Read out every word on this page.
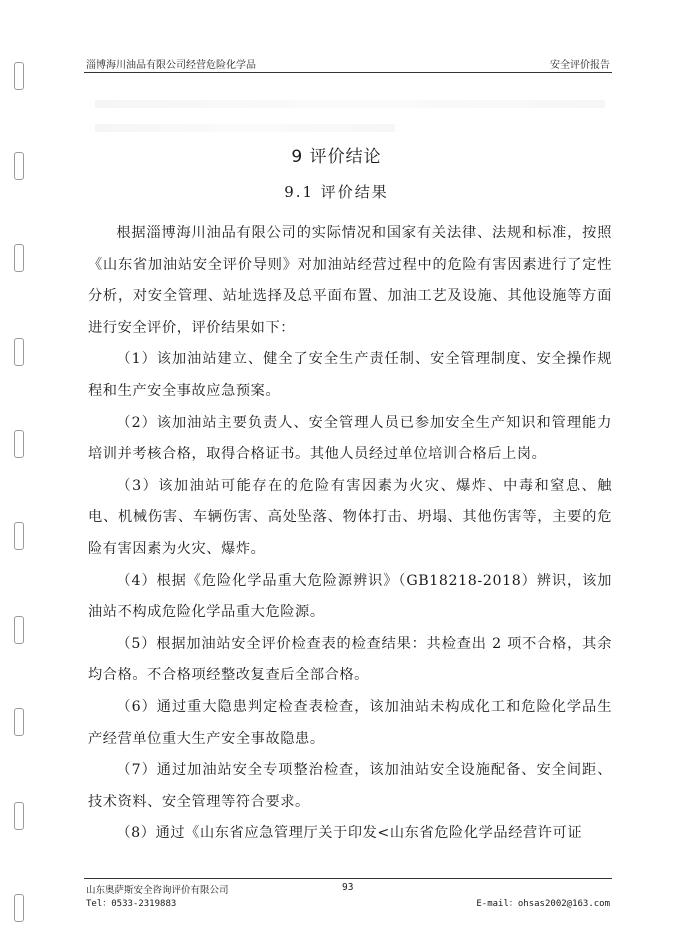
淄博海川油品有限公司经营危险化学品	安全评价报告
9 评价结论
9.1 评价结果

根据淄博海川油品有限公司的实际情况和国家有关法律、法规和标准，按照《山东省加油站安全评价导则》对加油站经营过程中的危险有害因素进行了定性分析，对安全管理、站址选择及总平面布置、加油工艺及设施、其他设施等方面进行安全评价，评价结果如下：

（1）该加油站建立、健全了安全生产责任制、安全管理制度、安全操作规程和生产安全事故应急预案。

（2）该加油站主要负责人、安全管理人员已参加安全生产知识和管理能力培训并考核合格，取得合格证书。其他人员经过单位培训合格后上岗。

（3）该加油站可能存在的危险有害因素为火灾、爆炸、中毒和窒息、触电、机械伤害、车辆伤害、高处坠落、物体打击、坍塌、其他伤害等，主要的危险有害因素为火灾、爆炸。

（4）根据《危险化学品重大危险源辨识》（GB18218-2018）辨识，该加油站不构成危险化学品重大危险源。

（5）根据加油站安全评价检查表的检查结果：共检查出 2 项不合格，其余均合格。不合格项经整改复查后全部合格。

（6）通过重大隐患判定检查表检查，该加油站未构成化工和危险化学品生产经营单位重大生产安全事故隐患。

（7）通过加油站安全专项整治检查，该加油站安全设施配备、安全间距、技术资料、安全管理等符合要求。

（8）通过《山东省应急管理厅关于印发<山东省危险化学品经营许可证

山东奥萨斯安全咨询评价有限公司	93
Tel：0533-2319883	E-mail：ohsas2002@163.com
